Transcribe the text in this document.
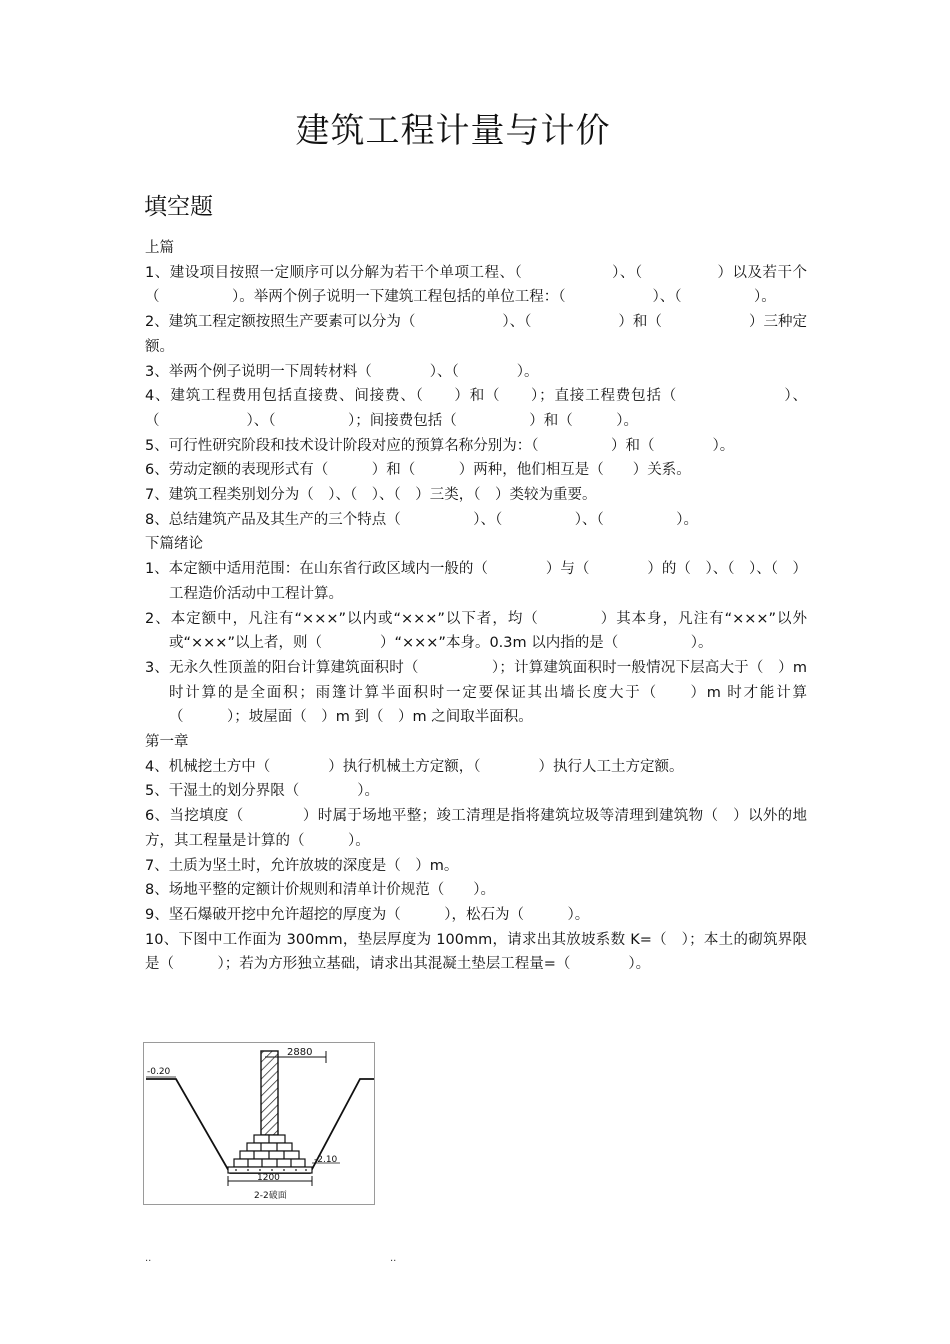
建筑工程计量与计价
填空题

上篇

1、建设项目按照一定顺序可以分解为若干个单项工程、（　　　　　　）、（　　　　　）以及若干个（　　　　　）。举两个例子说明一下建筑工程包括的单位工程：（　　　　　　）、（　　　　　）。

2、建筑工程定额按照生产要素可以分为（　　　　　　）、（　　　　　　）和（　　　　　　）三种定额。

3、举两个例子说明一下周转材料（　　　　）、（　　　　）。

4、建筑工程费用包括直接费、间接费、（　　）和（　　）；直接工程费包括（　　　　　　　）、（　　　　　　）、（　　　　　）；间接费包括（　　　　　）和（　　　）。

5、可行性研究阶段和技术设计阶段对应的预算名称分别为：（　　　　　）和（　　　　）。

6、劳动定额的表现形式有（　　　）和（　　　）两种，他们相互是（　　）关系。

7、建筑工程类别划分为（　）、（　）、（　）三类，（　）类较为重要。

8、总结建筑产品及其生产的三个特点（　　　　　）、（　　　　　）、（　　　　　）。

下篇绪论

1、本定额中适用范围：在山东省行政区域内一般的（　　　　）与（　　　　）的（　）、（　）、（　）工程造价活动中工程计算。

2、本定额中，凡注有“×××”以内或“×××”以下者，均（　　　　）其本身，凡注有“×××”以外或“×××”以上者，则（　　　　）“×××”本身。0.3m 以内指的是（　　　　　）。

3、无永久性顶盖的阳台计算建筑面积时（　　　　　）；计算建筑面积时一般情况下层高大于（　）m 时计算的是全面积；雨篷计算半面积时一定要保证其出墙长度大于（　　）m 时才能计算（　　　）；坡屋面（　）m 到（　）m 之间取半面积。

第一章

4、机械挖土方中（　　　　）执行机械土方定额，（　　　　）执行人工土方定额。

5、干湿土的划分界限（　　　　）。

6、当挖填度（　　　　）时属于场地平整；竣工清理是指将建筑垃圾等清理到建筑物（　）以外的地方，其工程量是计算的（　　　）。

7、土质为坚土时，允许放坡的深度是（　）m。

8、场地平整的定额计价规则和清单计价规范（　　）。

9、坚石爆破开挖中允许超挖的厚度为（　　　），松石为（　　　）。

10、下图中工作面为 300mm，垫层厚度为 100mm，请求出其放坡系数 K=（　）；本土的砌筑界限是（　　　）；若为方形独立基础，请求出其混凝土垫层工程量=（　　　　）。

2880
-0.20
-2.10
1200
2-2破面
..	..
